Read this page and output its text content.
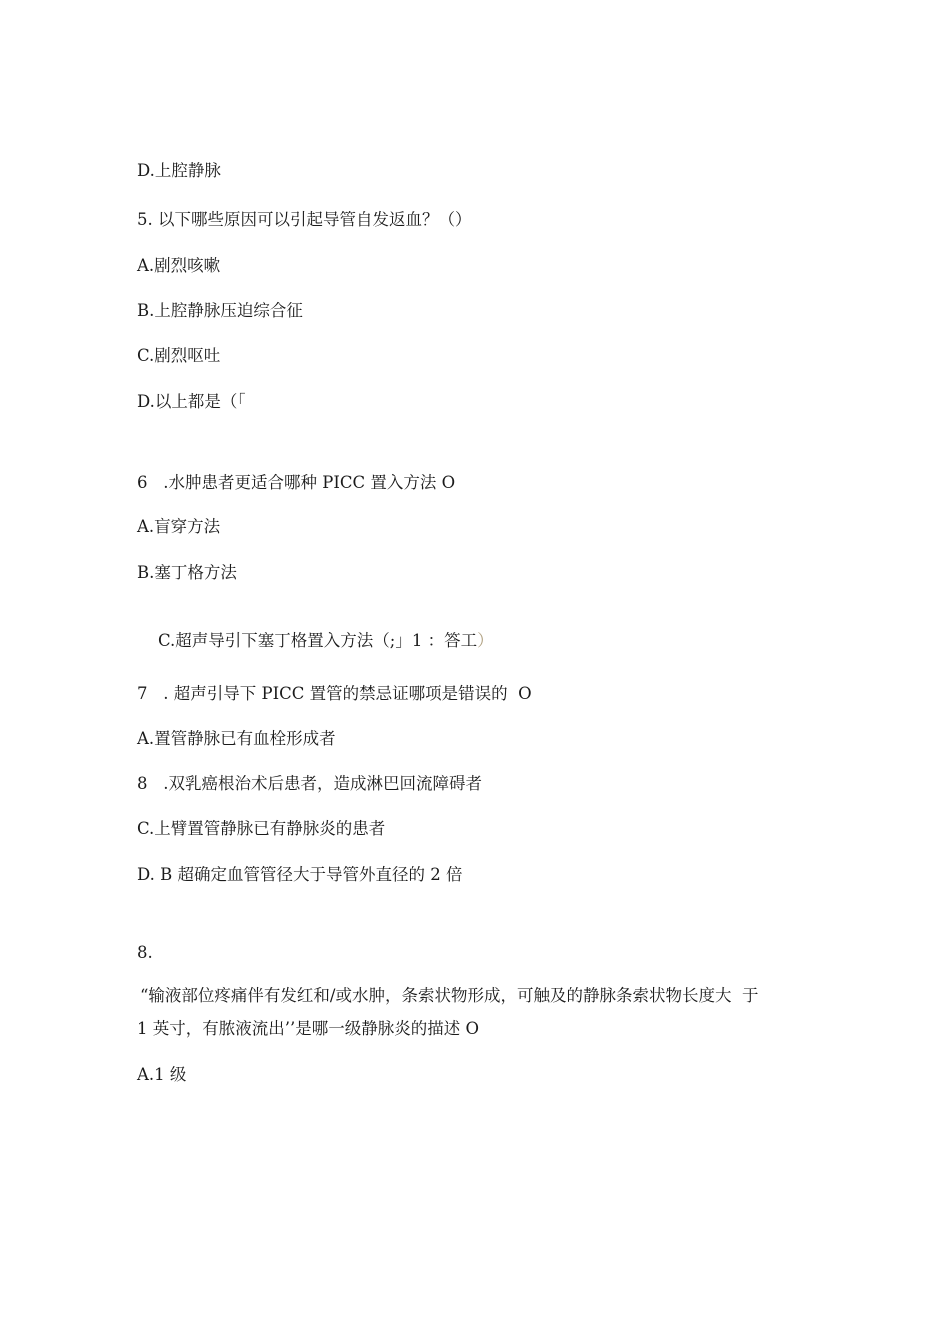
D.上腔静脉
5. 以下哪些原因可以引起导管自发返血？（）
A.剧烈咳嗽
B.上腔静脉压迫综合征
C.剧烈呕吐
D.以上都是（「
6   .水肿患者更适合哪种 PICC 置入方法 O
A.盲穿方法
B.塞丁格方法

C.超声导引下塞丁格置入方法（;」1 ：答工）

7   . 超声引导下 PICC 置管的禁忌证哪项是错误的  O
A.置管静脉已有血栓形成者
8   .双乳癌根治术后患者，造成淋巴回流障碍者
C.上臂置管静脉已有静脉炎的患者
D. B 超确定血管管径大于导管外直径的 2 倍
8.
“输液部位疼痛伴有发红和/或水肿，条索状物形成，可触及的静脉条索状物长度大  于
1 英寸，有脓液流出’’是哪一级静脉炎的描述 O
A.1 级
